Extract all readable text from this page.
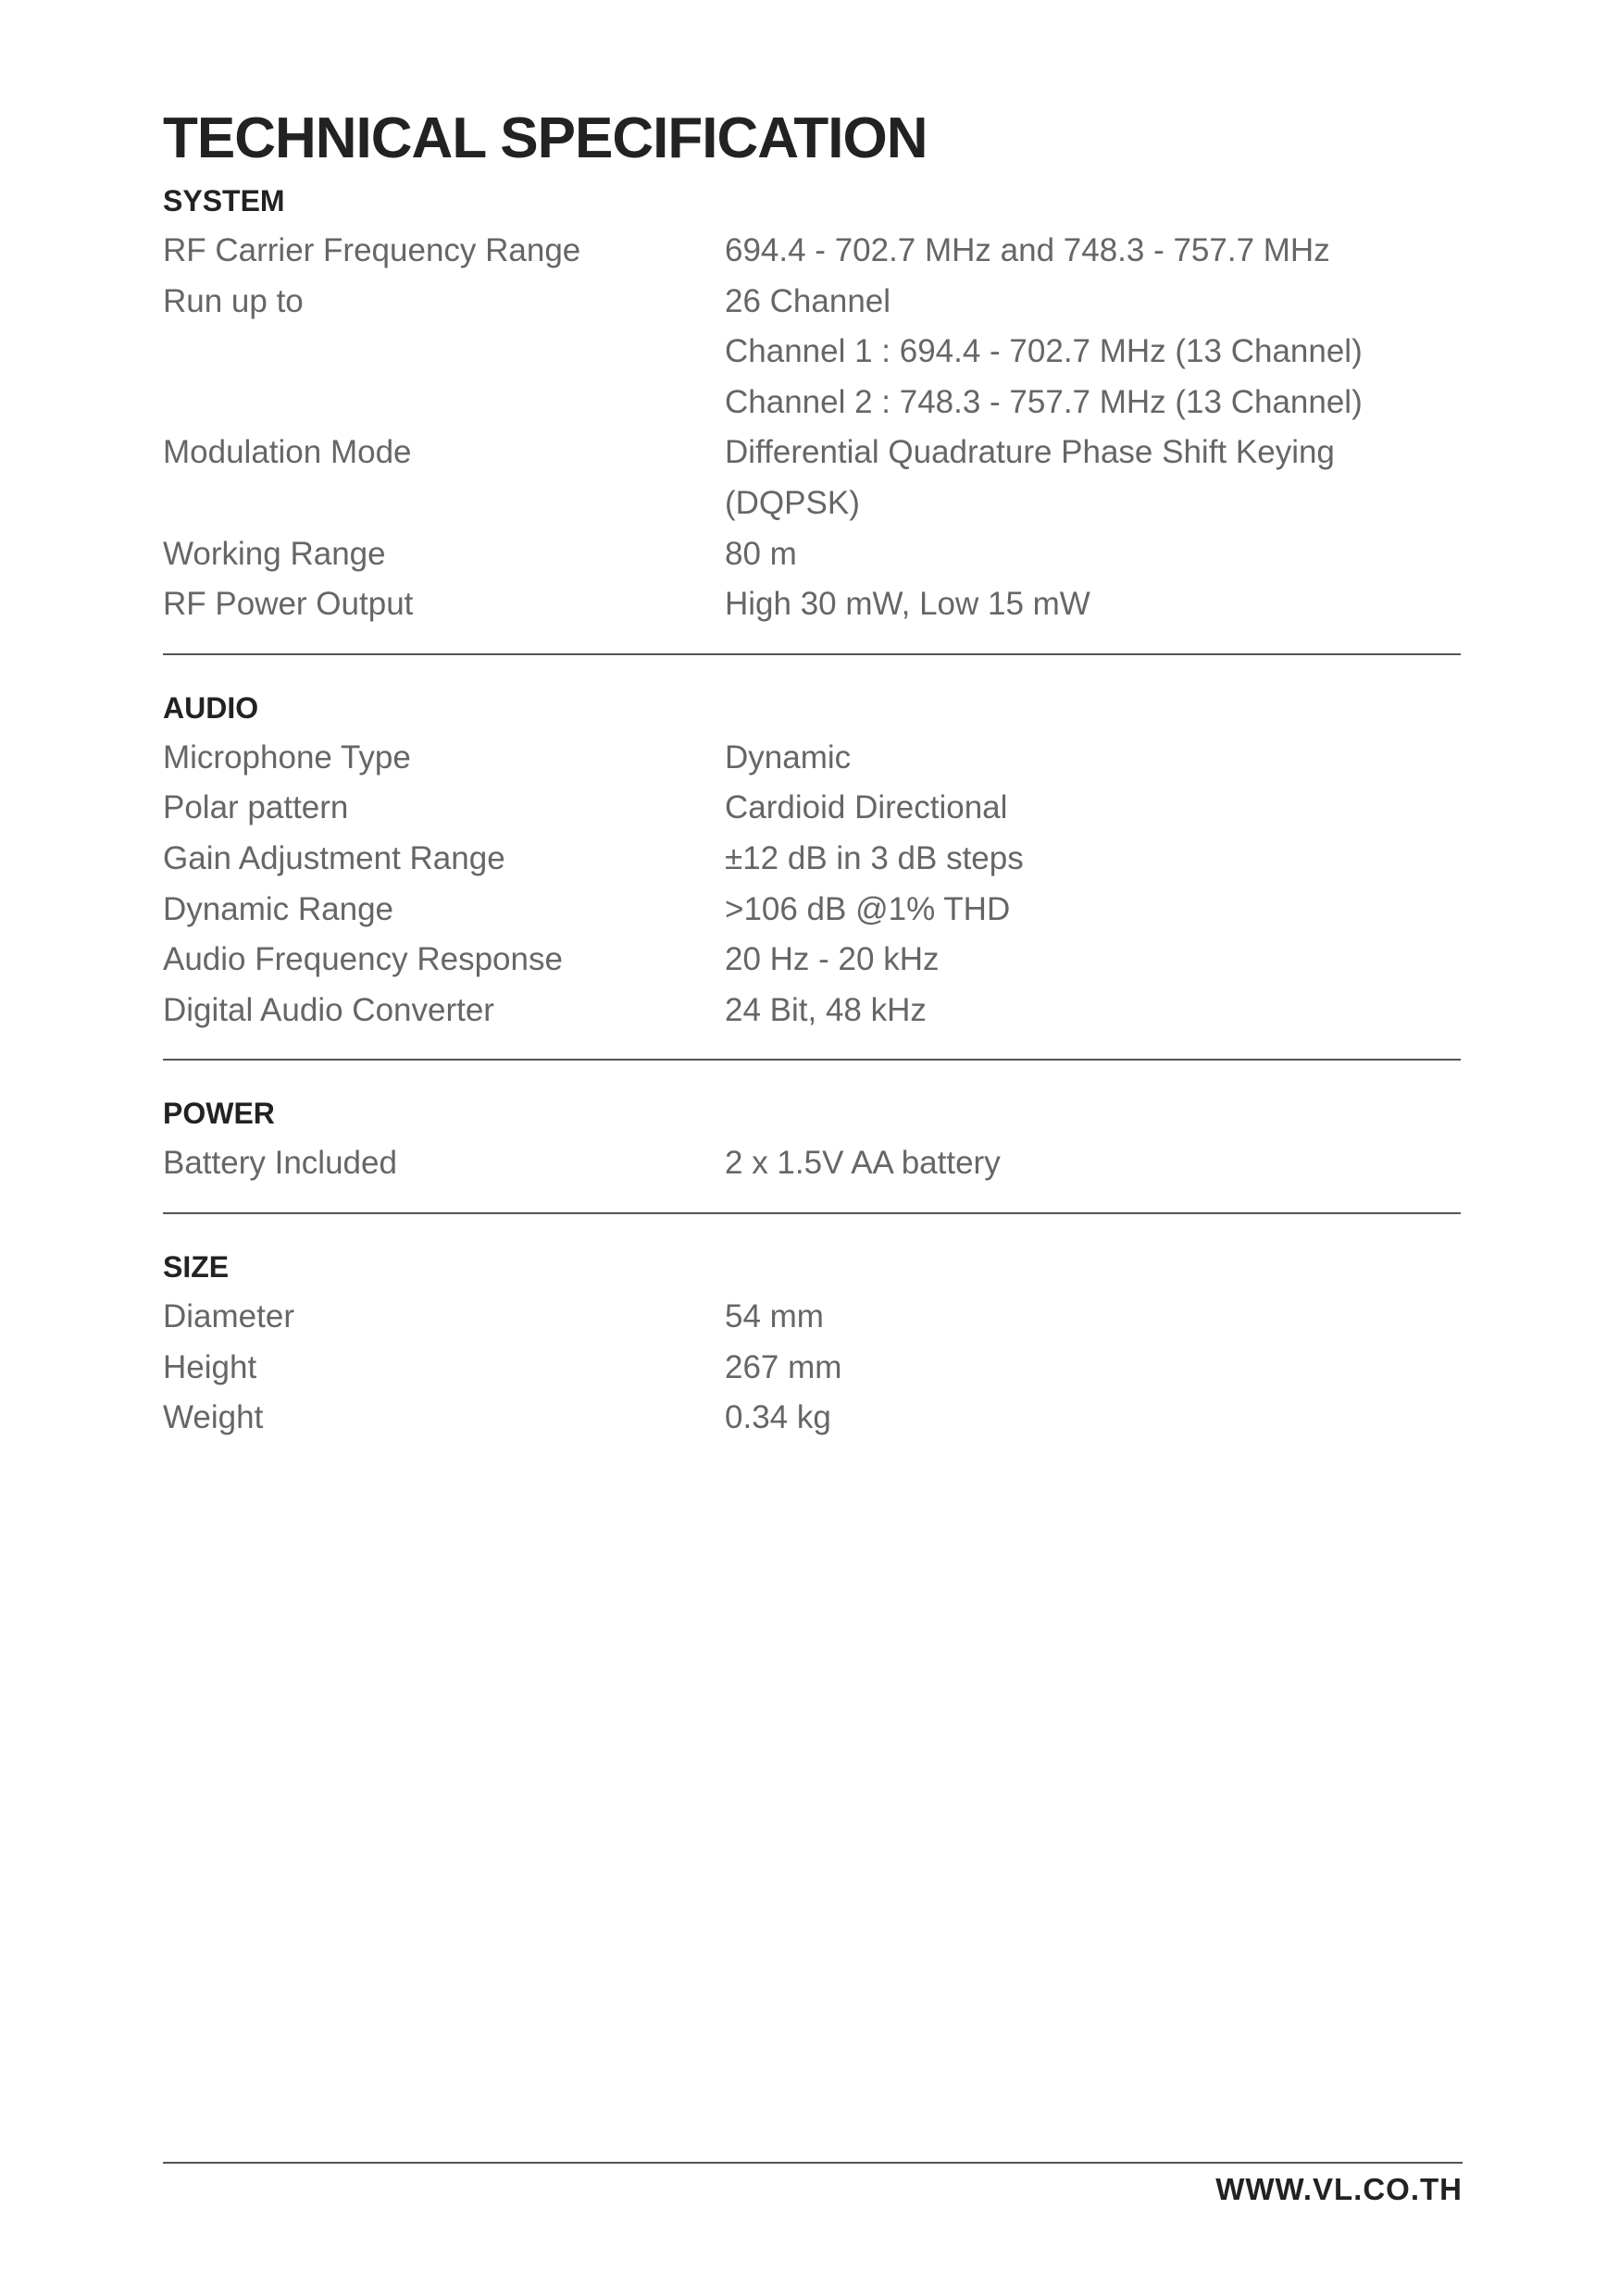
TECHNICAL SPECIFICATION
SYSTEM
RF Carrier Frequency Range	694.4 - 702.7 MHz and 748.3 - 757.7 MHz
Run up to	26 Channel
Channel 1 : 694.4 - 702.7 MHz (13 Channel)
Channel 2 : 748.3 - 757.7 MHz (13 Channel)
Modulation Mode	Differential Quadrature Phase Shift Keying (DQPSK)
Working Range	80 m
RF Power Output	High 30 mW, Low 15 mW
AUDIO
Microphone Type	Dynamic
Polar pattern	Cardioid Directional
Gain Adjustment Range	±12 dB in 3 dB steps
Dynamic Range	>106 dB @1% THD
Audio Frequency Response	20 Hz - 20 kHz
Digital Audio Converter	24 Bit, 48 kHz
POWER
Battery Included	2 x 1.5V AA battery
SIZE
Diameter	54 mm
Height	267 mm
Weight	0.34 kg
WWW.VL.CO.TH
